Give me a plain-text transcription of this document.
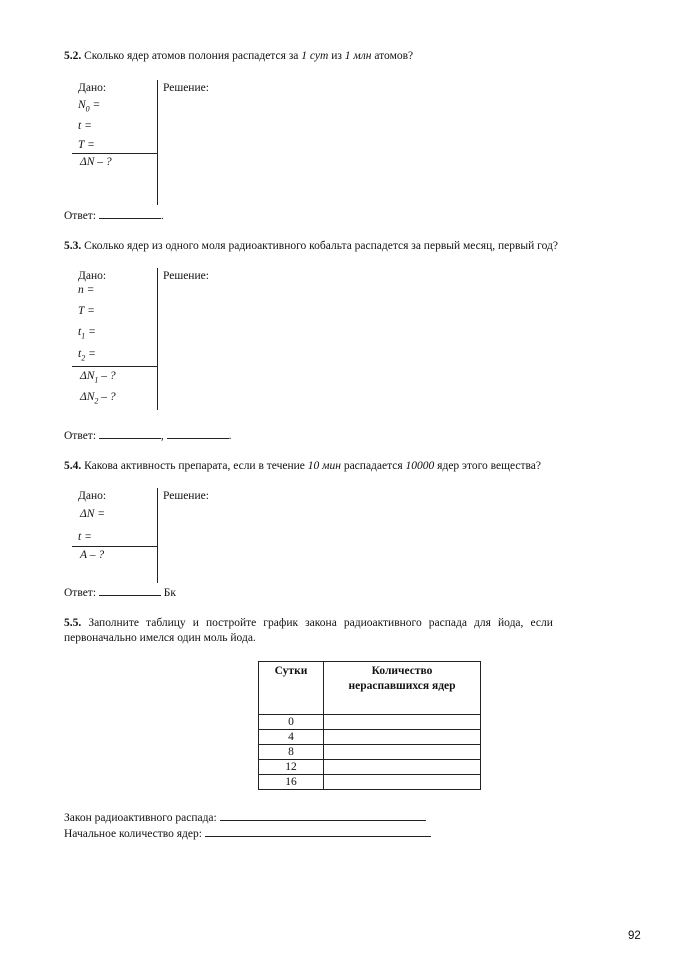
5.2. Сколько ядер атомов полония распадется за 1 сут из 1 млн атомов?
Дано:	Решение:
$N_0$ =
t =
T =
ΔN – ?
Ответ:	.
5.3. Сколько ядер из одного моля радиоактивного кобальта распадется за первый месяц, первый год?
Дано:	Решение:
n =
T =
$t_1$ =
$t_2$ =
$\Delta N_1$ – ?
$\Delta N_2$ – ?
Ответ:	,	.
5.4. Какова активность препарата, если в течение 10 мин распадается 10000 ядер этого вещества?
Дано:	Решение:
ΔN =
t =
A – ?
Ответ:	Бк
5.5. Заполните таблицу и постройте график закона радиоактивного распада для йода, если
первоначально имелся один моль йода.
Сутки	Количество нераспавшихся ядер
0	
4	
8	
12	
16	
Закон радиоактивного распада:
Начальное количество ядер:
92
